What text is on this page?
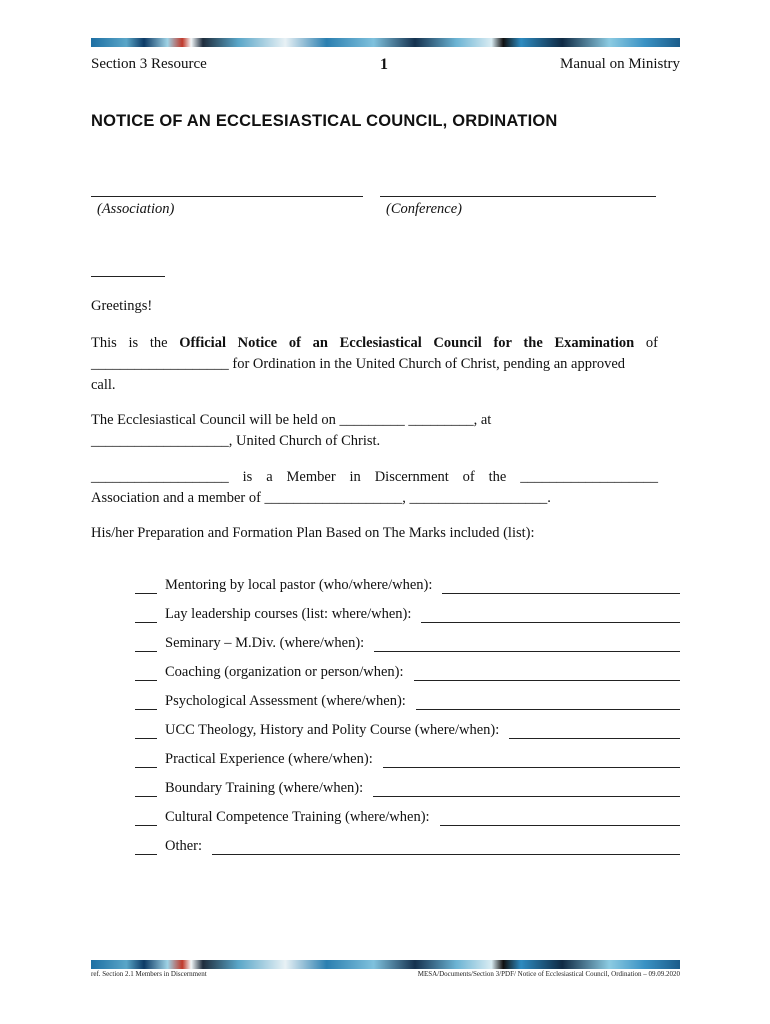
Section 3 Resource	1	Manual on Ministry
NOTICE OF AN ECCLESIASTICAL COUNCIL, ORDINATION
(Association)	(Conference)
Greetings!
This is the Official Notice of an Ecclesiastical Council for the Examination of
___________________ for Ordination in the United Church of Christ, pending an approved
call.
The Ecclesiastical Council will be held on _________ _________, at
___________________, United Church of Christ.
___________________ is a Member in Discernment of the ___________________
Association and a member of ___________________, ___________________.
His/her Preparation and Formation Plan Based on The Marks included (list):
Mentoring by local pastor (who/where/when):
Lay leadership courses (list: where/when):
Seminary – M.Div. (where/when):
Coaching (organization or person/when):
Psychological Assessment (where/when):
UCC Theology, History and Polity Course (where/when):
Practical Experience (where/when):
Boundary Training (where/when):
Cultural Competence Training (where/when):
Other:
ref. Section 2.1 Members in Discernment	MESA/Documents/Section 3/PDF/ Notice of Ecclesiastical Council, Ordination – 09.09.2020
